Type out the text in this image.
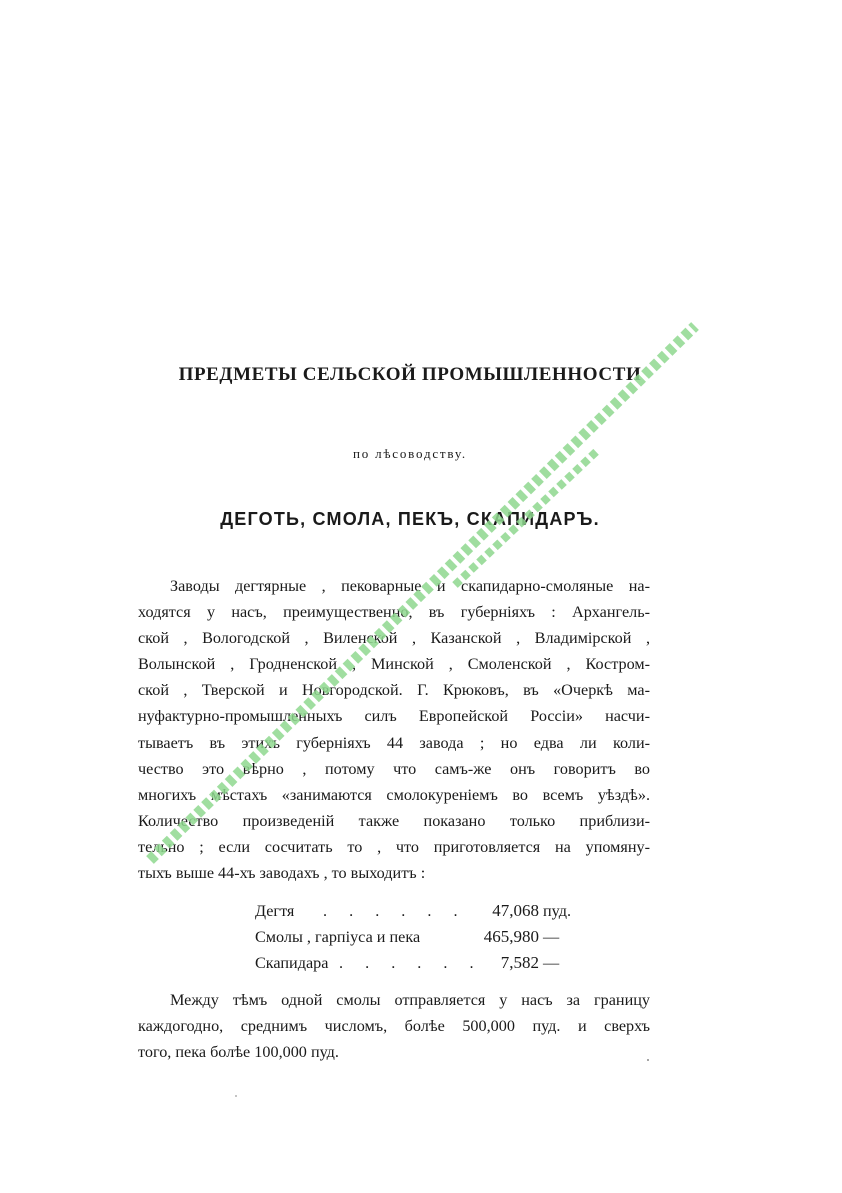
ПРЕДМЕТЫ СЕЛЬСКОЙ ПРОМЫШЛЕННОСТИ
по лѣсоводству.
ДЕГОТЬ, СМОЛА, ПЕКЪ, СКАПИДАРЪ.
Заводы дегтярные , пековарные и скапидарно-смоляные на-
ходятся у насъ, преимущественно, въ губерніяхъ : Архангель-
ской , Вологодской , Виленской , Казанской , Владимірской ,
Волынской , Гродненской , Минской , Смоленской , Костром-
ской , Тверской и Новгородской. Г. Крюковъ, въ «Очеркѣ ма-
нуфактурно-промышленныхъ силъ Европейской Россіи» насчи-
тываетъ въ этихъ губерніяхъ 44 завода ; но едва ли коли-
чество это вѣрно , потому что самъ-же онъ говоритъ во
многихъ мѣстахъ «занимаются смолокуреніемъ во всемъ уѣздѣ».
Количество произведеній также показано только приблизи-
тельно ; если сосчитать то , что приготовляется на упомяну-
тыхъ выше 44-хъ заводахъ , то выходитъ :
Дегтя . . . . . .	47,068 пуд.
Смолы , гарпіуса и пека	465,980 —
Скапидара . . . . . .	7,582 —
Между тѣмъ одной смолы отправляется у насъ за границу
каждогодно, среднимъ числомъ, болѣе 500,000 пуд. и сверхъ
того, пека болѣе 100,000 пуд.
